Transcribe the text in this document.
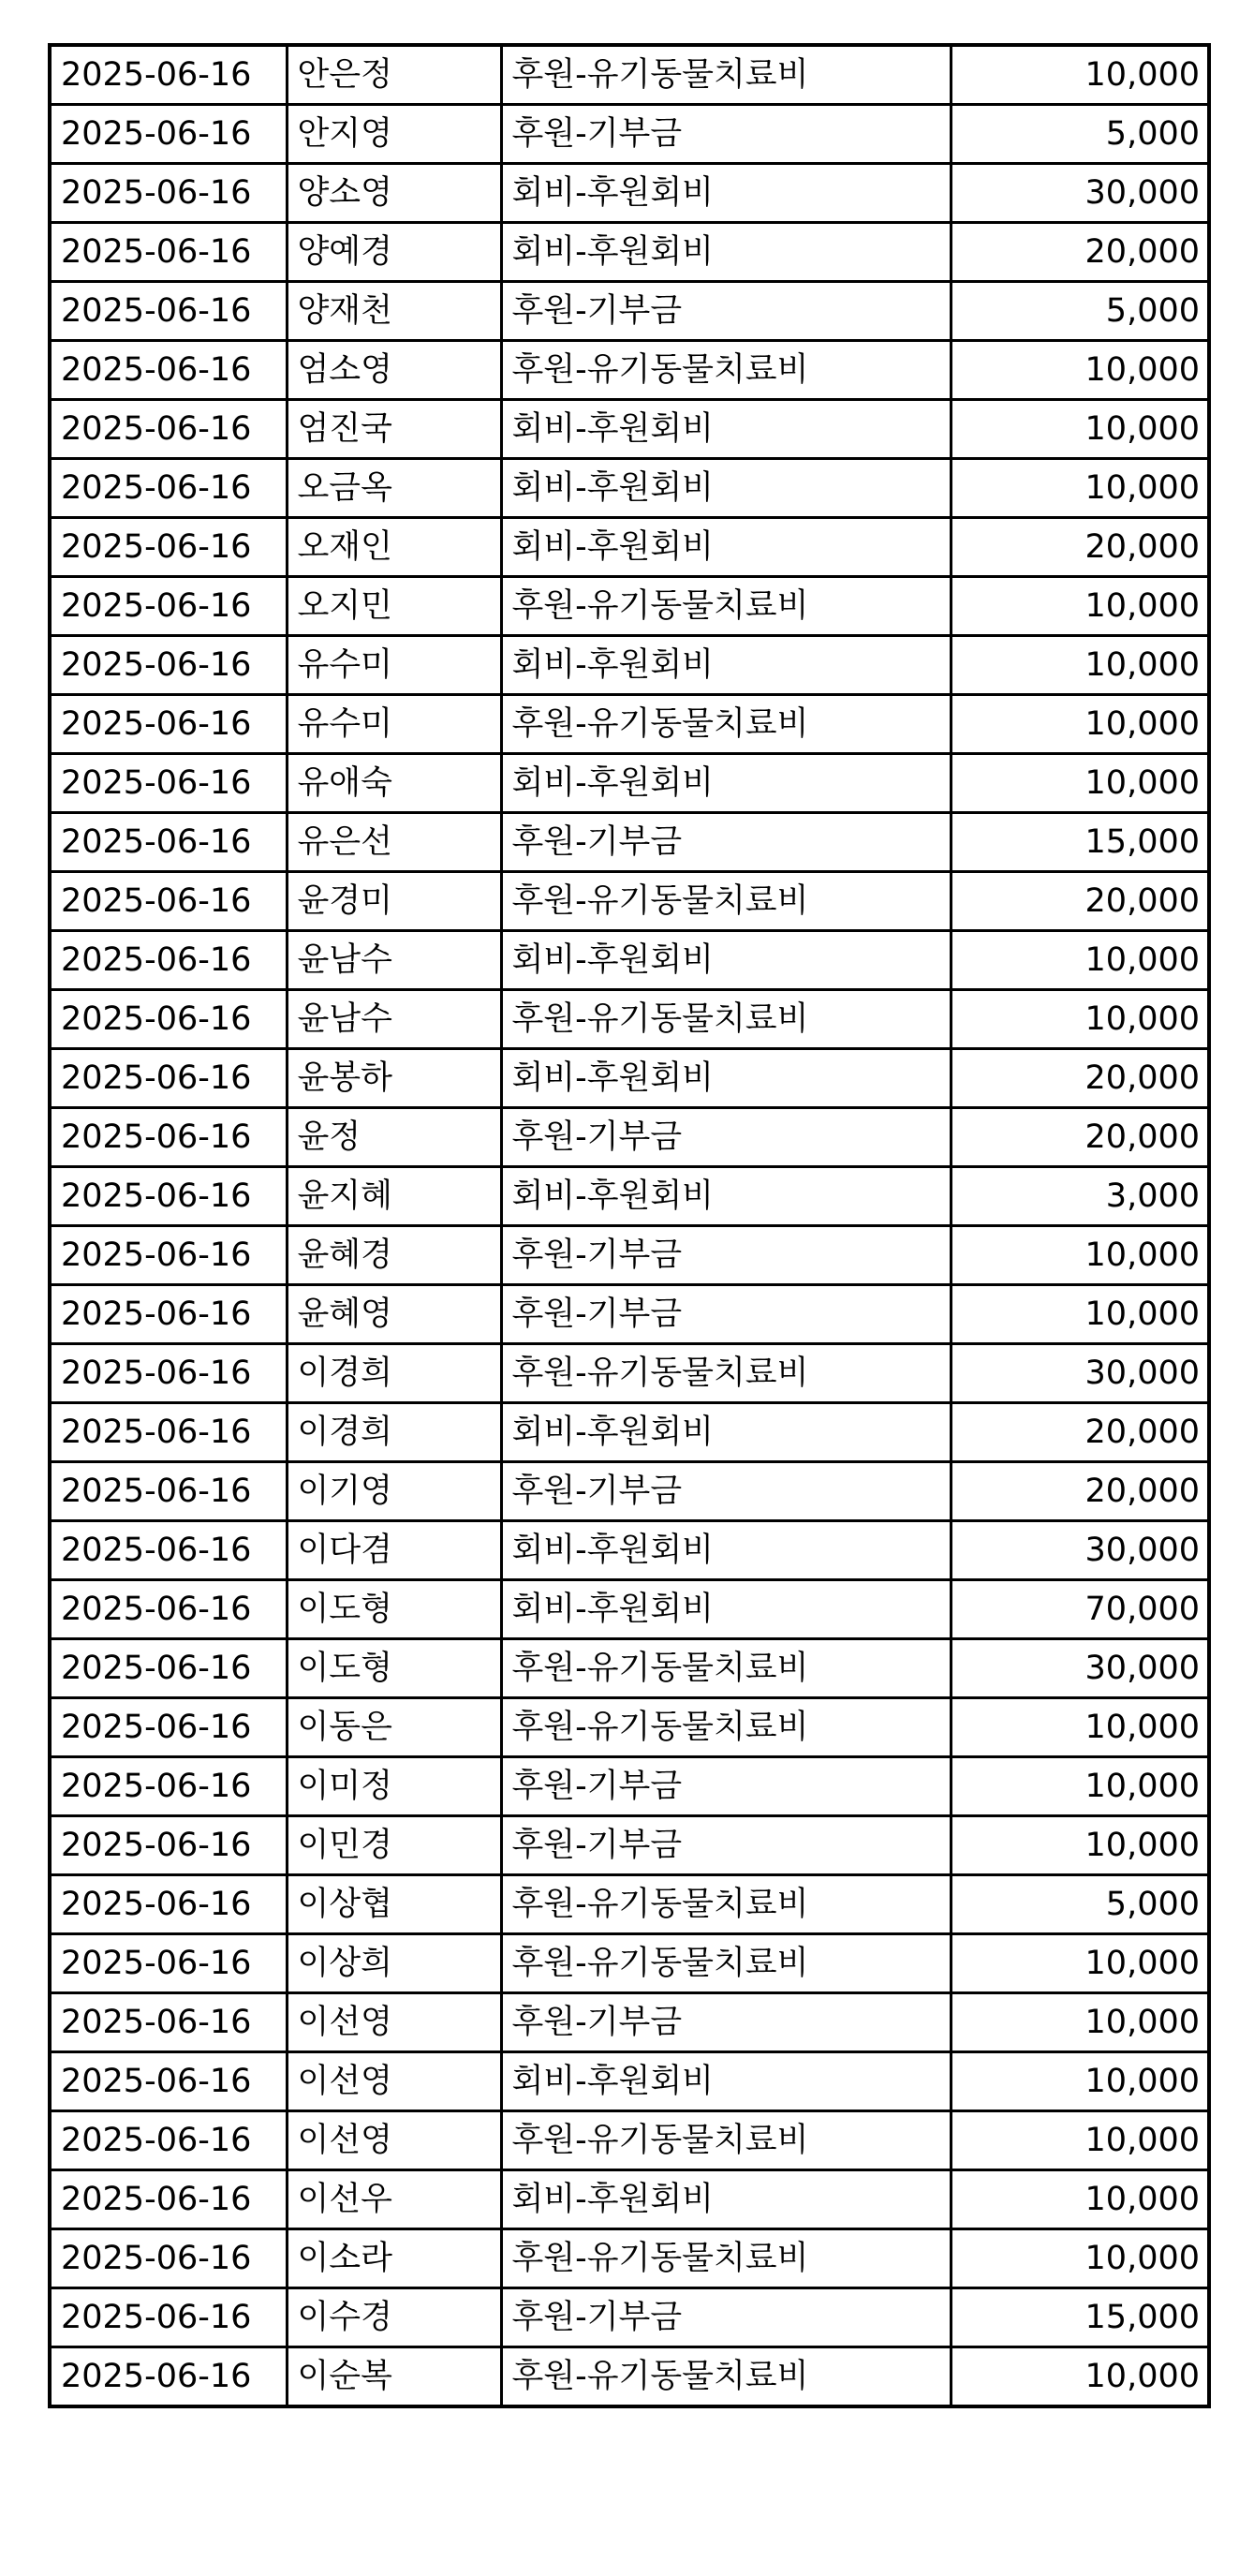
2025-06-16	안은정	후원-유기동물치료비	10,000
2025-06-16	안지영	후원-기부금	5,000
2025-06-16	양소영	회비-후원회비	30,000
2025-06-16	양예경	회비-후원회비	20,000
2025-06-16	양재천	후원-기부금	5,000
2025-06-16	엄소영	후원-유기동물치료비	10,000
2025-06-16	엄진국	회비-후원회비	10,000
2025-06-16	오금옥	회비-후원회비	10,000
2025-06-16	오재인	회비-후원회비	20,000
2025-06-16	오지민	후원-유기동물치료비	10,000
2025-06-16	유수미	회비-후원회비	10,000
2025-06-16	유수미	후원-유기동물치료비	10,000
2025-06-16	유애숙	회비-후원회비	10,000
2025-06-16	유은선	후원-기부금	15,000
2025-06-16	윤경미	후원-유기동물치료비	20,000
2025-06-16	윤남수	회비-후원회비	10,000
2025-06-16	윤남수	후원-유기동물치료비	10,000
2025-06-16	윤봉하	회비-후원회비	20,000
2025-06-16	윤정	후원-기부금	20,000
2025-06-16	윤지혜	회비-후원회비	3,000
2025-06-16	윤혜경	후원-기부금	10,000
2025-06-16	윤혜영	후원-기부금	10,000
2025-06-16	이경희	후원-유기동물치료비	30,000
2025-06-16	이경희	회비-후원회비	20,000
2025-06-16	이기영	후원-기부금	20,000
2025-06-16	이다겸	회비-후원회비	30,000
2025-06-16	이도형	회비-후원회비	70,000
2025-06-16	이도형	후원-유기동물치료비	30,000
2025-06-16	이동은	후원-유기동물치료비	10,000
2025-06-16	이미정	후원-기부금	10,000
2025-06-16	이민경	후원-기부금	10,000
2025-06-16	이상협	후원-유기동물치료비	5,000
2025-06-16	이상희	후원-유기동물치료비	10,000
2025-06-16	이선영	후원-기부금	10,000
2025-06-16	이선영	회비-후원회비	10,000
2025-06-16	이선영	후원-유기동물치료비	10,000
2025-06-16	이선우	회비-후원회비	10,000
2025-06-16	이소라	후원-유기동물치료비	10,000
2025-06-16	이수경	후원-기부금	15,000
2025-06-16	이순복	후원-유기동물치료비	10,000
